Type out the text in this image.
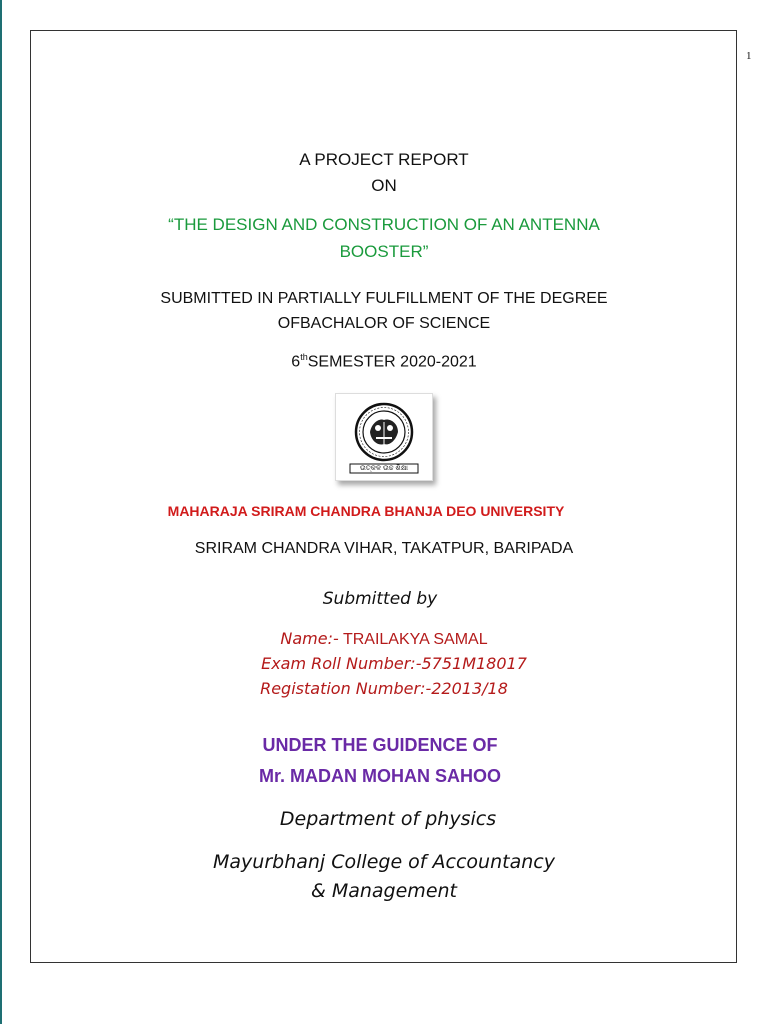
1
A PROJECT REPORT
ON
“THE DESIGN AND CONSTRUCTION OF AN ANTENNA
BOOSTER”
SUBMITTED IN PARTIALLY FULFILLMENT OF THE DEGREE
OFBACHALOR OF SCIENCE
6thSEMESTER 2020-2021
ଉତ୍କଳ ଉଚ୍ଚ ଶିକ୍ଷା
MAHARAJA SRIRAM CHANDRA BHANJA DEO UNIVERSITY
SRIRAM CHANDRA VIHAR, TAKATPUR, BARIPADA
Submitted by
Name:- TRAILAKYA SAMAL
Exam Roll Number:-5751M18017
Registation Number:-22013/18
UNDER THE GUIDENCE OF
Mr. MADAN MOHAN SAHOO
Department of physics
Mayurbhanj College of Accountancy
& Management
